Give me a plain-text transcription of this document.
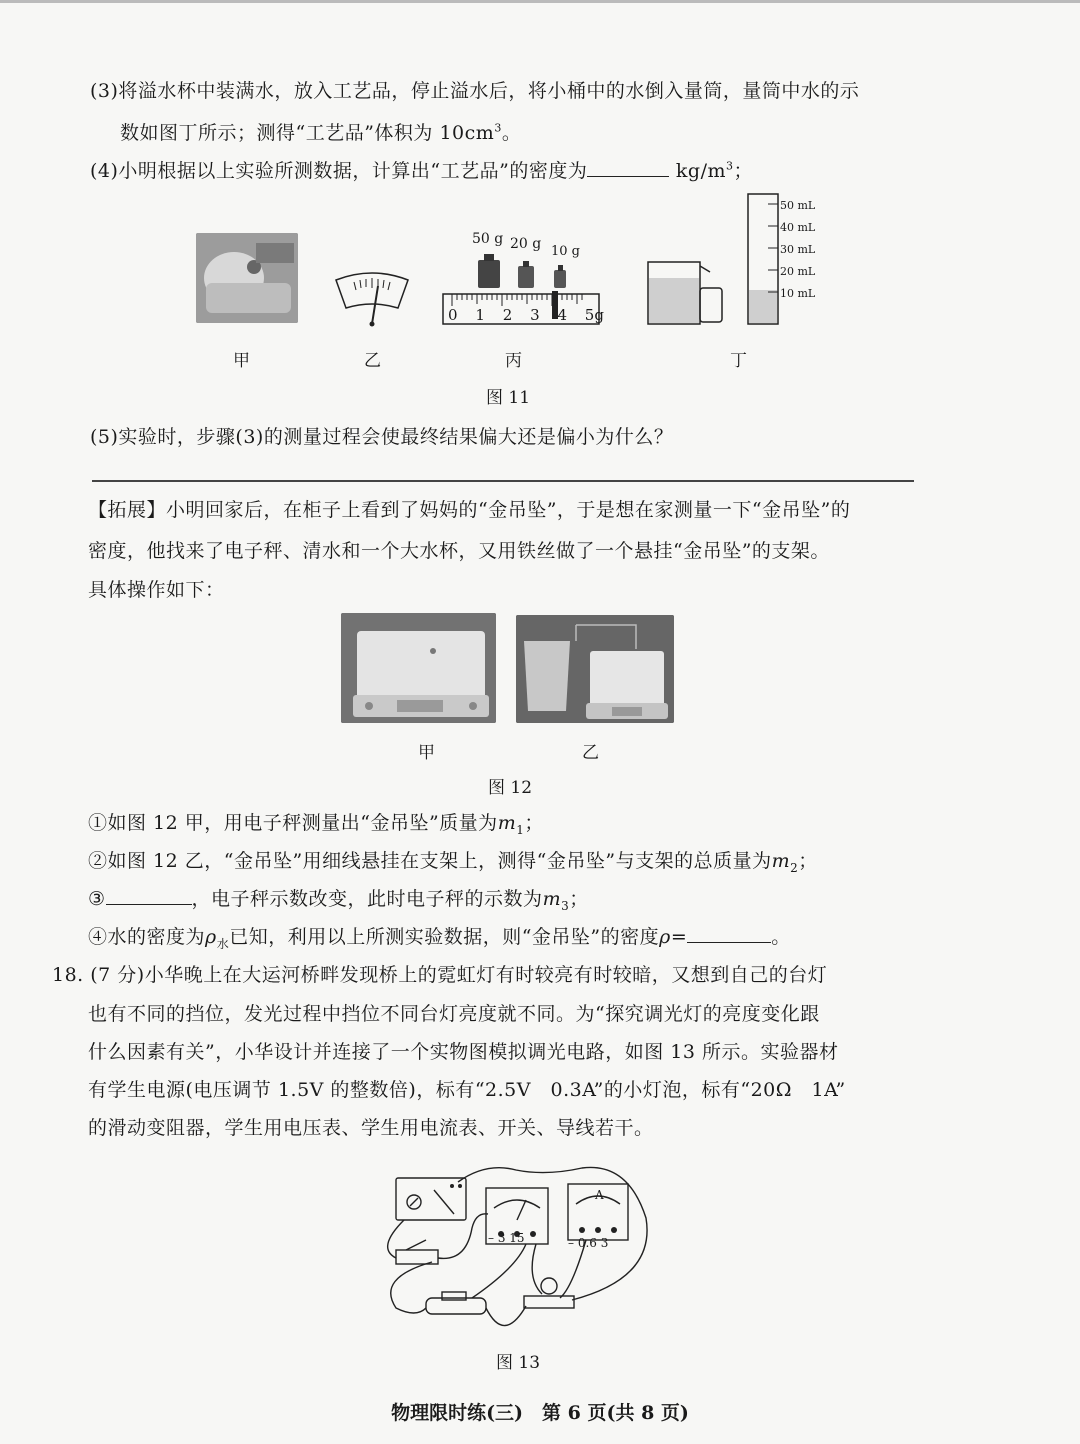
(3)将溢水杯中装满水，放入工艺品，停止溢水后，将小桶中的水倒入量筒，量筒中水的示
数如图丁所示；测得“工艺品”体积为 $10cm^3$。
(4)小明根据以上实验所测数据，计算出“工艺品”的密度为	$kg/m^3$；
甲	乙
50 g 20 g 10 g
0 1 2 3 4 5g
丙
50 mL
40 mL
30 mL
20 mL
10 mL
丁
图 11
(5)实验时，步骤(3)的测量过程会使最终结果偏大还是偏小为什么？
【拓展】小明回家后，在柜子上看到了妈妈的“金吊坠”，于是想在家测量一下“金吊坠”的
密度，他找来了电子秤、清水和一个大水杯，又用铁丝做了一个悬挂“金吊坠”的支架。
具体操作如下：
甲	乙
图 12
①如图 12 甲，用电子秤测量出“金吊坠”质量为$m_1$；
②如图 12 乙，“金吊坠”用细线悬挂在支架上，测得“金吊坠”与支架的总质量为$m_2$；
③	，电子秤示数改变，此时电子秤的示数为$m_3$；
④水的密度为$\rho_水$已知，利用以上所测实验数据，则“金吊坠”的密度ρ=	。
18. (7 分)小华晚上在大运河桥畔发现桥上的霓虹灯有时较亮有时较暗，又想到自己的台灯
也有不同的挡位，发光过程中挡位不同台灯亮度就不同。为“探究调光灯的亮度变化跟
什么因素有关”，小华设计并连接了一个实物图模拟调光电路，如图 13 所示。实验器材
有学生电源(电压调节 1.5V 的整数倍)，标有“2.5V　0.3A”的小灯泡，标有“20Ω　1A”
的滑动变阻器，学生用电压表、学生用电流表、开关、导线若干。
– 3 15	– 0.6 3
A
图 13
物理限时练(三)　第 6 页(共 8 页)
